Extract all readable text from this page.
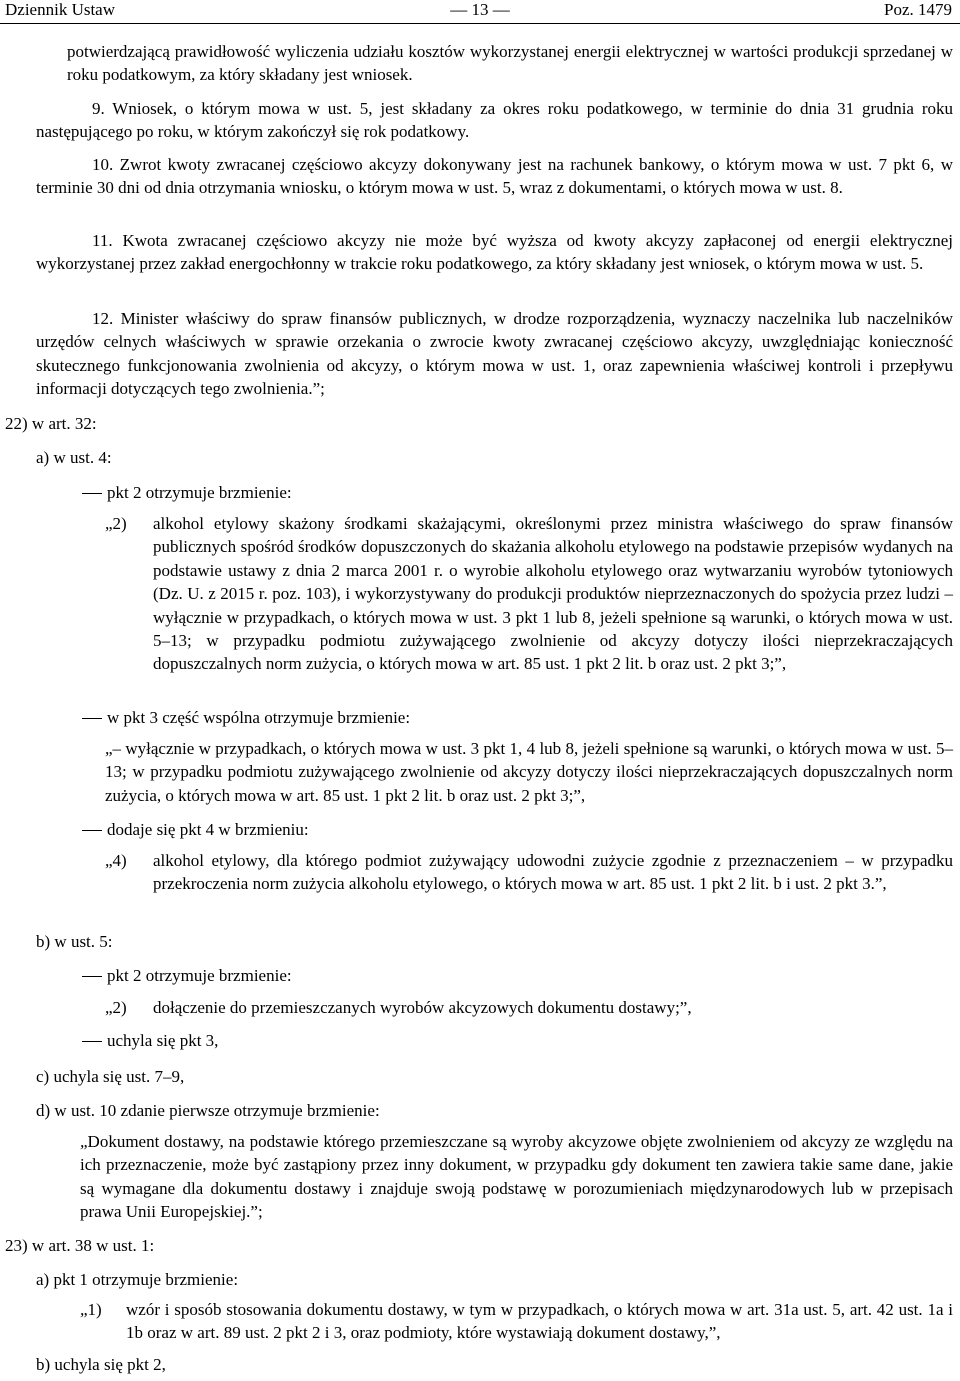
Dziennik Ustaw	— 13 —	Poz. 1479
potwierdzającą prawidłowość wyliczenia udziału kosztów wykorzystanej energii elektrycznej w wartości produkcji sprzedanej w roku podatkowym, za który składany jest wniosek.
9. Wniosek, o którym mowa w ust. 5, jest składany za okres roku podatkowego, w terminie do dnia 31 grudnia roku następującego po roku, w którym zakończył się rok podatkowy.
10. Zwrot kwoty zwracanej częściowo akcyzy dokonywany jest na rachunek bankowy, o którym mowa w ust. 7 pkt 6, w terminie 30 dni od dnia otrzymania wniosku, o którym mowa w ust. 5, wraz z dokumentami, o których mowa w ust. 8.
11. Kwota zwracanej częściowo akcyzy nie może być wyższa od kwoty akcyzy zapłaconej od energii elektrycznej wykorzystanej przez zakład energochłonny w trakcie roku podatkowego, za który składany jest wniosek, o którym mowa w ust. 5.
12. Minister właściwy do spraw finansów publicznych, w drodze rozporządzenia, wyznaczy naczelnika lub naczelników urzędów celnych właściwych w sprawie orzekania o zwrocie kwoty zwracanej częściowo akcyzy, uwzględniając konieczność skutecznego funkcjonowania zwolnienia od akcyzy, o którym mowa w ust. 1, oraz zapewnienia właściwej kontroli i przepływu informacji dotyczących tego zwolnienia.”;
22) w art. 32:
a) w ust. 4:
pkt 2 otrzymuje brzmienie:
„2) alkohol etylowy skażony środkami skażającymi, określonymi przez ministra właściwego do spraw finansów publicznych spośród środków dopuszczonych do skażania alkoholu etylowego na podstawie przepisów wydanych na podstawie ustawy z dnia 2 marca 2001 r. o wyrobie alkoholu etylowego oraz wytwarzaniu wyrobów tytoniowych (Dz. U. z 2015 r. poz. 103), i wykorzystywany do produkcji produktów nieprzeznaczonych do spożycia przez ludzi – wyłącznie w przypadkach, o których mowa w ust. 3 pkt 1 lub 8, jeżeli spełnione są warunki, o których mowa w ust. 5–13; w przypadku podmiotu zużywającego zwolnienie od akcyzy dotyczy ilości nieprzekraczających dopuszczalnych norm zużycia, o których mowa w art. 85 ust. 1 pkt 2 lit. b oraz ust. 2 pkt 3;”,
w pkt 3 część wspólna otrzymuje brzmienie:
„– wyłącznie w przypadkach, o których mowa w ust. 3 pkt 1, 4 lub 8, jeżeli spełnione są warunki, o których mowa w ust. 5–13; w przypadku podmiotu zużywającego zwolnienie od akcyzy dotyczy ilości nieprzekraczających dopuszczalnych norm zużycia, o których mowa w art. 85 ust. 1 pkt 2 lit. b oraz ust. 2 pkt 3;”,
dodaje się pkt 4 w brzmieniu:
„4) alkohol etylowy, dla którego podmiot zużywający udowodni zużycie zgodnie z przeznaczeniem – w przypadku przekroczenia norm zużycia alkoholu etylowego, o których mowa w art. 85 ust. 1 pkt 2 lit. b i ust. 2 pkt 3.”,
b) w ust. 5:
pkt 2 otrzymuje brzmienie:
„2) dołączenie do przemieszczanych wyrobów akcyzowych dokumentu dostawy;”,
uchyla się pkt 3,
c) uchyla się ust. 7–9,
d) w ust. 10 zdanie pierwsze otrzymuje brzmienie:
„Dokument dostawy, na podstawie którego przemieszczane są wyroby akcyzowe objęte zwolnieniem od akcyzy ze względu na ich przeznaczenie, może być zastąpiony przez inny dokument, w przypadku gdy dokument ten zawiera takie same dane, jakie są wymagane dla dokumentu dostawy i znajduje swoją podstawę w porozumieniach międzynarodowych lub w przepisach prawa Unii Europejskiej.”;
23) w art. 38 w ust. 1:
a) pkt 1 otrzymuje brzmienie:
„1) wzór i sposób stosowania dokumentu dostawy, w tym w przypadkach, o których mowa w art. 31a ust. 5, art. 42 ust. 1a i 1b oraz w art. 89 ust. 2 pkt 2 i 3, oraz podmioty, które wystawiają dokument dostawy,”,
b) uchyla się pkt 2,
